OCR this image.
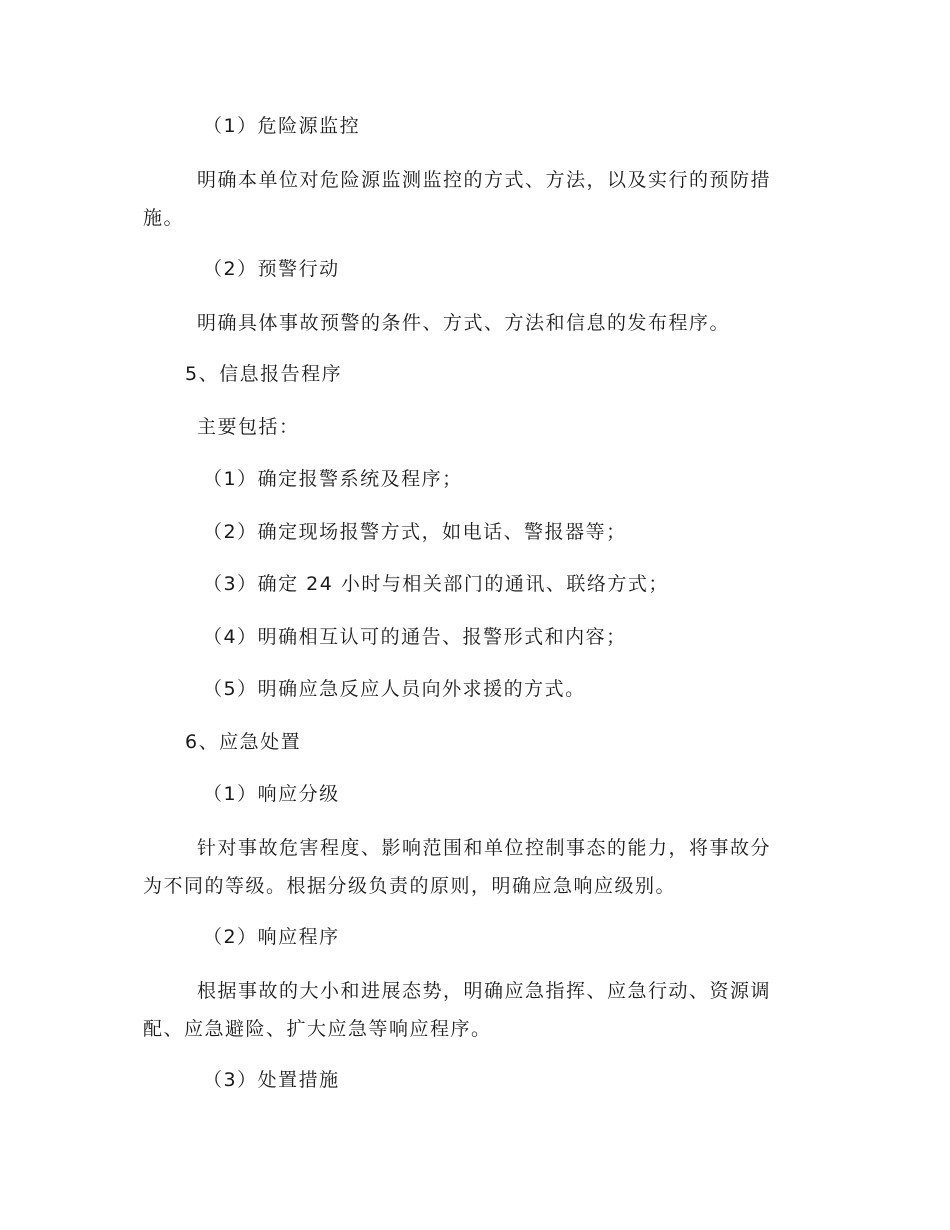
（1）危险源监控
明确本单位对危险源监测监控的方式、方法，以及实行的预防措
施。
（2）预警行动
明确具体事故预警的条件、方式、方法和信息的发布程序。
5、信息报告程序
主要包括：
（1）确定报警系统及程序；
（2）确定现场报警方式，如电话、警报器等；
（3）确定 24 小时与相关部门的通讯、联络方式；
（4）明确相互认可的通告、报警形式和内容；
（5）明确应急反应人员向外求援的方式。
6、应急处置
（1）响应分级
针对事故危害程度、影响范围和单位控制事态的能力，将事故分
为不同的等级。根据分级负责的原则，明确应急响应级别。
（2）响应程序
根据事故的大小和进展态势，明确应急指挥、应急行动、资源调
配、应急避险、扩大应急等响应程序。
（3）处置措施
